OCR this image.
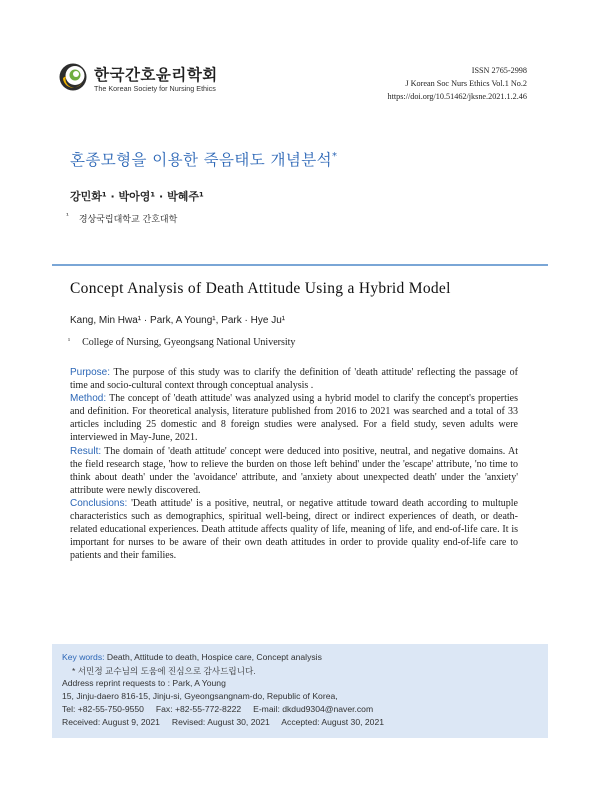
한국간호윤리학회
The Korean Society for Nursing Ethics
ISSN 2765-2998
J Korean Soc Nurs Ethics Vol.1 No.2
https://doi.org/10.51462/jksne.2021.1.2.46
혼종모형을 이용한 죽음태도 개념분석*
강민화¹ · 박아영¹ · 박혜주¹
$^{^1}$ 경상국립대학교 간호대학
Concept Analysis of Death Attitude Using a Hybrid Model
Kang, Min Hwa¹ · Park, A Young¹, Park · Hye Ju¹
$^{^1}$ College of Nursing, Gyeongsang National University
Purpose: The purpose of this study was to clarify the definition of 'death attitude' reflecting the passage of time and socio-cultural context through conceptual analysis .
Method: The concept of 'death attitude' was analyzed using a hybrid model to clarify the concept's properties and definition. For theoretical analysis, literature published from 2016 to 2021 was searched and a total of 33 articles including 25 domestic and 8 foreign studies were analysed. For a field study, seven adults were interviewed in May-June, 2021.
Result: The domain of 'death attitude' concept were deduced into positive, neutral, and negative domains. At the field research stage, 'how to relieve the burden on those left behind' under the 'escape' attribute, 'no time to think about death' under the 'avoidance' attribute, and 'anxiety about unexpected death' under the 'anxiety' attribute were newly discovered.
Conclusions: 'Death attitude' is a positive, neutral, or negative attitude toward death according to multuple characteristics such as demographics, spiritual well-being, direct or indirect experiences of death, or death-related educational experiences. Death attitude affects quality of life, meaning of life, and end-of-life care. It is important for nurses to be aware of their own death attitudes in order to provide quality end-of-life care to patients and their families.
Key words: Death, Attitude to death, Hospice care, Concept analysis
* 서민정 교수님의 도움에 진심으로 감사드립니다.
Address reprint requests to : Park, A Young
15, Jinju-daero 816-15, Jinju-si, Gyeongsangnam-do, Republic of Korea,
Tel: +82-55-750-9550     Fax: +82-55-772-8222     E-mail: dkdud9304@naver.com
Received: August 9, 2021     Revised: August 30, 2021     Accepted: August 30, 2021
